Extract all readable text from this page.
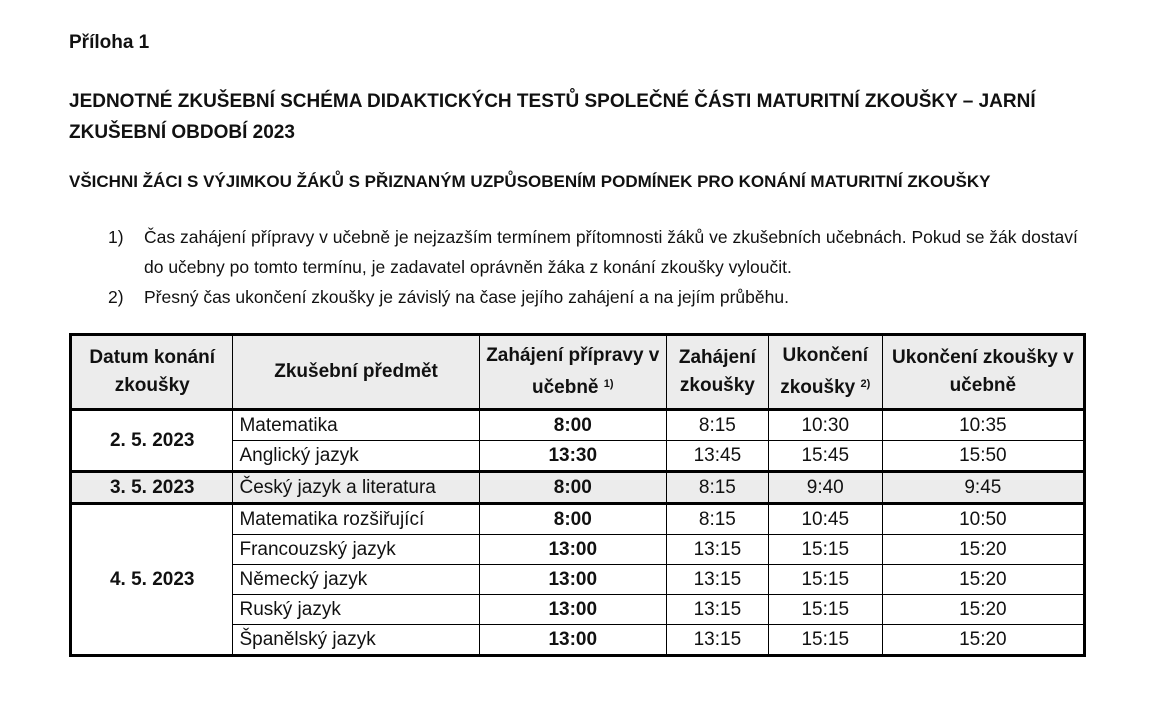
Příloha 1

JEDNOTNÉ ZKUŠEBNÍ SCHÉMA DIDAKTICKÝCH TESTŮ SPOLEČNÉ ČÁSTI MATURITNÍ ZKOUŠKY – JARNÍ ZKUŠEBNÍ OBDOBÍ 2023
VŠICHNI ŽÁCI S VÝJIMKOU ŽÁKŮ S PŘIZNANÝM UZPŮSOBENÍM PODMÍNEK PRO KONÁNÍ MATURITNÍ ZKOUŠKY
1)	Čas zahájení přípravy v učebně je nejzazším termínem přítomnosti žáků ve zkušebních učebnách. Pokud se žák dostaví do učebny po tomto termínu, je zadavatel oprávněn žáka z konání zkoušky vyloučit.
2)	Přesný čas ukončení zkoušky je závislý na čase jejího zahájení a na jejím průběhu.
Datum konání zkoušky	Zkušební předmět	Zahájení přípravy v učebně $^{1)}$	Zahájení zkoušky	Ukončení zkoušky $^{2)}$	Ukončení zkoušky v učebně
2. 5. 2023	Matematika	8:00	8:15	10:30	10:35
	Anglický jazyk	13:30	13:45	15:45	15:50
3. 5. 2023	Český jazyk a literatura	8:00	8:15	9:40	9:45
4. 5. 2023	Matematika rozšiřující	8:00	8:15	10:45	10:50
	Francouzský jazyk	13:00	13:15	15:15	15:20
	Německý jazyk	13:00	13:15	15:15	15:20
	Ruský jazyk	13:00	13:15	15:15	15:20
	Španělský jazyk	13:00	13:15	15:15	15:20
